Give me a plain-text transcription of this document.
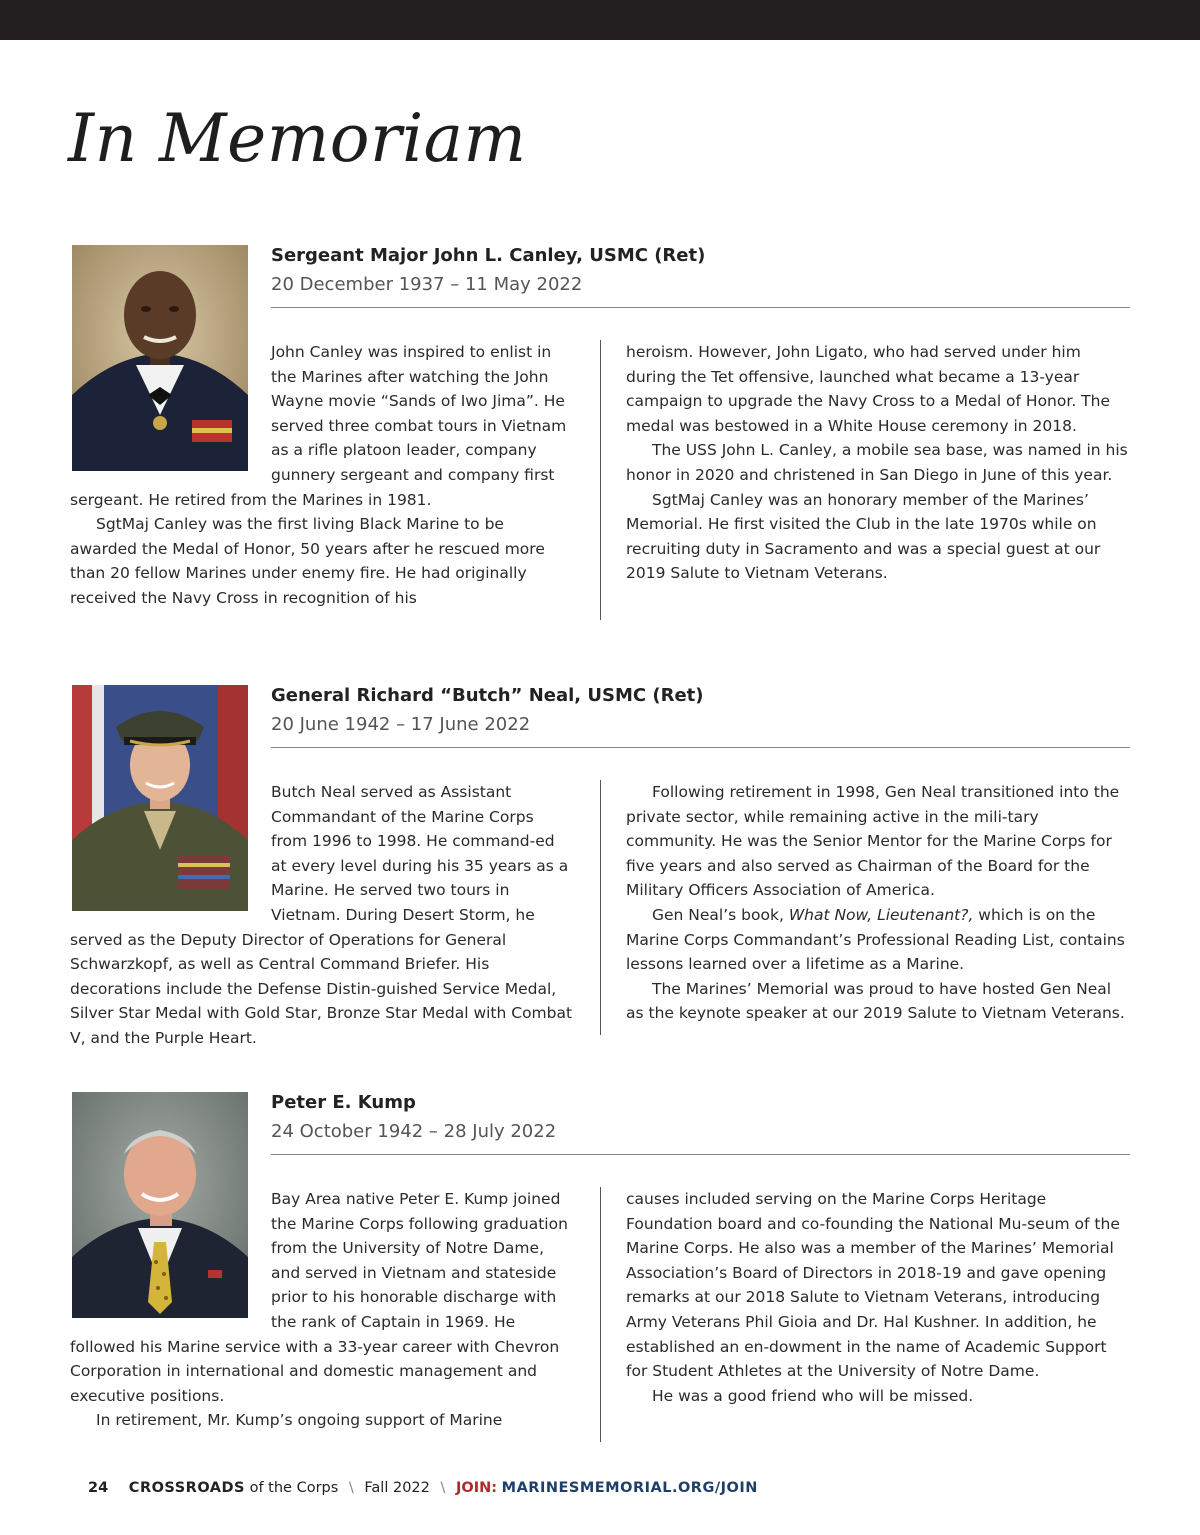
In Memoriam
Sergeant Major John L. Canley, USMC (Ret)
20 December 1937 – 11 May 2022

John Canley was inspired to enlist in the Marines after watching the John Wayne movie “Sands of Iwo Jima”. He served three combat tours in Vietnam as a rifle platoon leader, company gunnery sergeant and company first sergeant. He retired from the Marines in 1981.

SgtMaj Canley was the first living Black Marine to be awarded the Medal of Honor, 50 years after he rescued more than 20 fellow Marines under enemy fire. He had originally received the Navy Cross in recognition of his

heroism. However, John Ligato, who had served under him during the Tet offensive, launched what became a 13-year campaign to upgrade the Navy Cross to a Medal of Honor. The medal was bestowed in a White House ceremony in 2018.

The USS John L. Canley, a mobile sea base, was named in his honor in 2020 and christened in San Diego in June of this year.

SgtMaj Canley was an honorary member of the Marines’ Memorial. He first visited the Club in the late 1970s while on recruiting duty in Sacramento and was a special guest at our 2019 Salute to Vietnam Veterans.

General Richard “Butch” Neal, USMC (Ret)
20 June 1942 – 17 June 2022

Butch Neal served as Assistant Commandant of the Marine Corps from 1996 to 1998. He command-ed at every level during his 35 years as a Marine. He served two tours in Vietnam. During Desert Storm, he served as the Deputy Director of Operations for General Schwarzkopf, as well as Central Command Briefer. His decorations include the Defense Distin-guished Service Medal, Silver Star Medal with Gold Star, Bronze Star Medal with Combat V, and the Purple Heart.

Following retirement in 1998, Gen Neal transitioned into the private sector, while remaining active in the mili-tary community. He was the Senior Mentor for the Marine Corps for five years and also served as Chairman of the Board for the Military Officers Association of America.

Gen Neal’s book, What Now, Lieutenant?, which is on the Marine Corps Commandant’s Professional Reading List, contains lessons learned over a lifetime as a Marine.

The Marines’ Memorial was proud to have hosted Gen Neal as the keynote speaker at our 2019 Salute to Vietnam Veterans.

Peter E. Kump
24 October 1942 – 28 July 2022

Bay Area native Peter E. Kump joined the Marine Corps following graduation from the University of Notre Dame, and served in Vietnam and stateside prior to his honorable discharge with the rank of Captain in 1969. He followed his Marine service with a 33-year career with Chevron Corporation in international and domestic management and executive positions.

In retirement, Mr. Kump’s ongoing support of Marine

causes included serving on the Marine Corps Heritage Foundation board and co-founding the National Mu-seum of the Marine Corps. He also was a member of the Marines’ Memorial Association’s Board of Directors in 2018-19 and gave opening remarks at our 2018 Salute to Vietnam Veterans, introducing Army Veterans Phil Gioia and Dr. Hal Kushner. In addition, he established an en-dowment in the name of Academic Support for Student Athletes at the University of Notre Dame.

He was a good friend who will be missed.

24 CROSSROADS of the Corps \ Fall 2022 \ JOIN: MARINESMEMORIAL.ORG/JOIN
